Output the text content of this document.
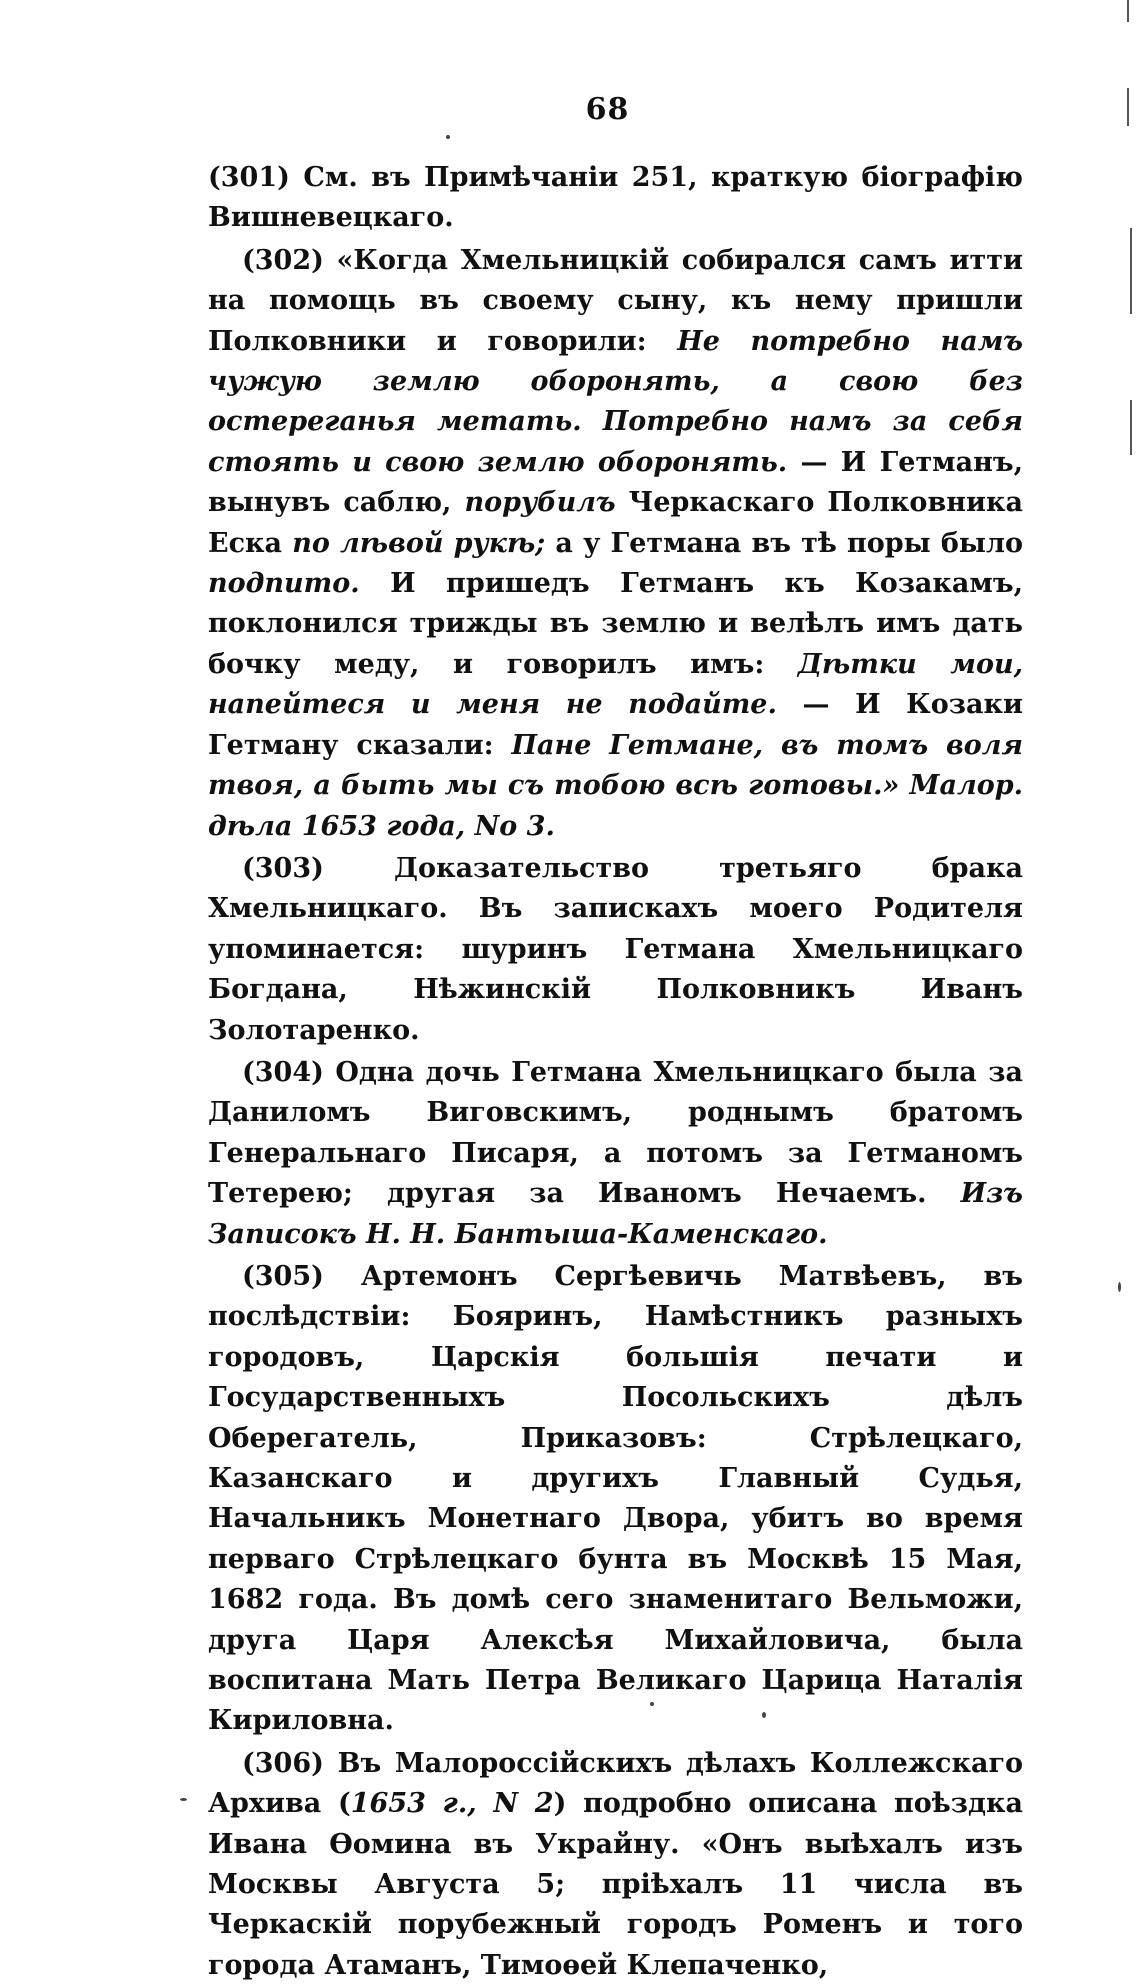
68

(301) См. въ Примѣчаніи 251, краткую біографію Вишневецкаго.

(302) «Когда Хмельницкій собирался самъ итти на помощь въ своему сыну, къ нему пришли Полковники и говорили: Не потребно намъ чужую землю оборонять, а свою без остереганья метать. Потребно намъ за себя стоять и свою землю оборонять. — И Гетманъ, вынувъ саблю, порубилъ Черкаскаго Полковника Еска по лѣвой рукѣ; а у Гетмана въ тѣ поры было подпито. И пришедъ Гетманъ къ Козакамъ, поклонился трижды въ землю и велѣлъ имъ дать бочку меду, и говорилъ имъ: Дѣтки мои, напейтеся и меня не подайте. — И Козаки Гетману сказали: Пане Гетмане, въ томъ воля твоя, а быть мы съ тобою всѣ готовы.» Малор. дѣла 1653 года, No 3.

(303) Доказательство третьяго брака Хмельницкаго. Въ запискахъ моего Родителя упоминается: шуринъ Гетмана Хмельницкаго Богдана, Нѣжинскій Полковникъ Иванъ Золотаренко.

(304) Одна дочь Гетмана Хмельницкаго была за Даниломъ Виговскимъ, роднымъ братомъ Генеральнаго Писаря, а потомъ за Гетманомъ Тетерею; другая за Иваномъ Нечаемъ. Изъ Записокъ Н. Н. Бантыша-Каменскаго.

(305) Артемонъ Сергѣевичь Матвѣевъ, въ послѣдствіи: Бояринъ, Намѣстникъ разныхъ городовъ, Царскія большія печати и Государственныхъ Посольскихъ дѣлъ Оберегатель, Приказовъ: Стрѣлецкаго, Казанскаго и другихъ Главный Судья, Начальникъ Монетнаго Двора, убитъ во время перваго Стрѣлецкаго бунта въ Москвѣ 15 Мая, 1682 года. Въ домѣ сего знаменитаго Вельможи, друга Царя Алексѣя Михайловича, была воспитана Мать Петра Великаго Царица Наталія Кириловна.

(306) Въ Малороссійскихъ дѣлахъ Коллежскаго Архива (1653 г., N 2) подробно описана поѣздка Ивана Ѳомина въ Украйну. «Онъ выѣхалъ изъ Москвы Августа 5; пріѣхалъ 11 числа въ Черкаскій порубежный городъ Роменъ и того города Атаманъ, Тимоѳей Клепаченко,
